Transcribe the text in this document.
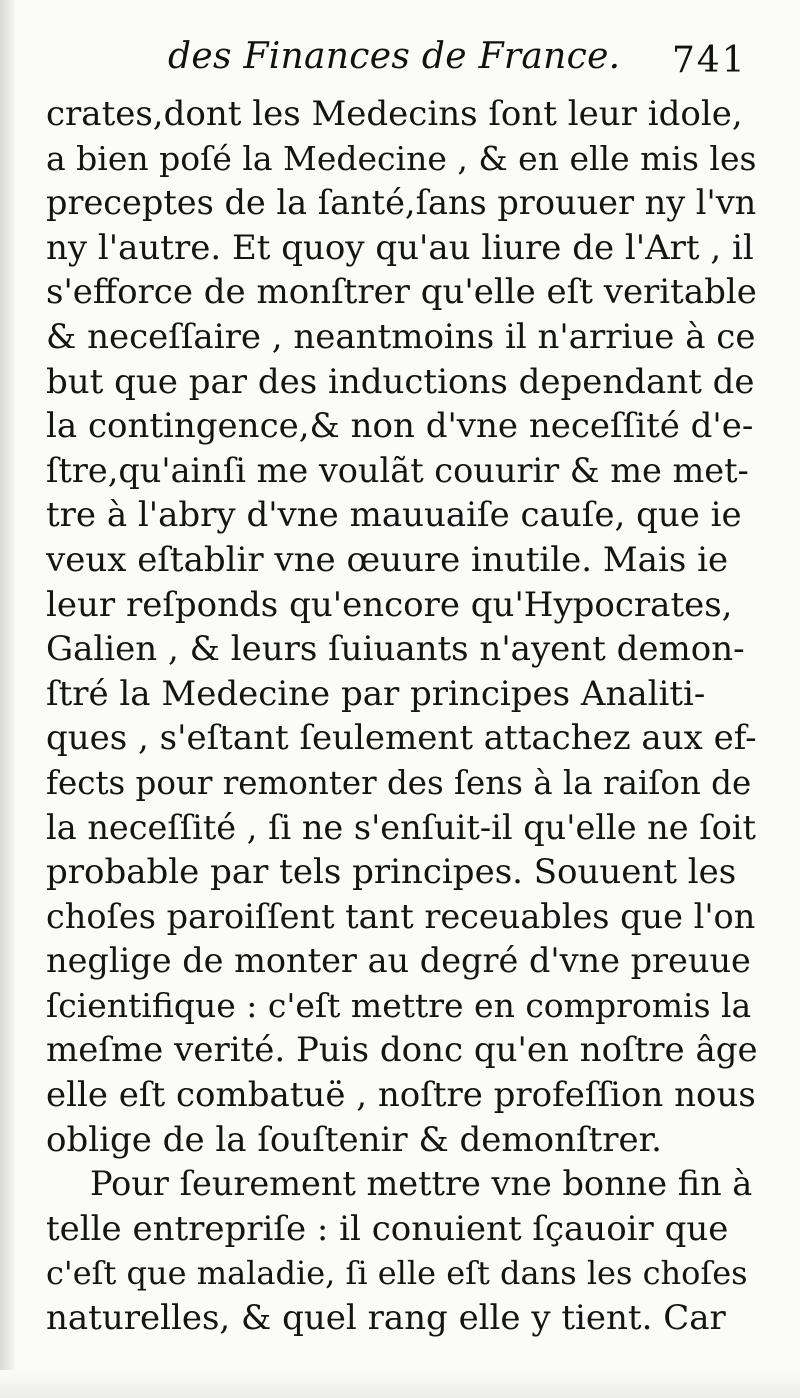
des Finances de France. 741
crates,dont les Medecins ſont leur idole,
a bien poſé la Medecine , & en elle mis les
preceptes de la ſanté,ſans prouuer ny l'vn
ny l'autre. Et quoy qu'au liure de l'Art , il
s'efforce de monſtrer qu'elle eſt veritable
& neceſſaire , neantmoins il n'arriue à ce
but que par des inductions dependant de
la contingence,& non d'vne neceſſité d'e-
ſtre,qu'ainſi me voulãt couurir & me met-
tre à l'abry d'vne mauuaiſe cauſe, que ie
veux eſtablir vne œuure inutile. Mais ie
leur reſponds qu'encore qu'Hypocrates,
Galien , & leurs ſuiuants n'ayent demon-
ſtré la Medecine par principes Analiti-
ques , s'eſtant ſeulement attachez aux ef-
fects pour remonter des ſens à la raiſon de
la neceſſité , ſi ne s'enſuit-il qu'elle ne ſoit
probable par tels principes. Souuent les
choſes paroiſſent tant receuables que l'on
neglige de monter au degré d'vne preuue
ſcientifique : c'eſt mettre en compromis la
meſme verité. Puis donc qu'en noſtre âge
elle eſt combatuë , noſtre profeſſion nous
oblige de la ſouſtenir & demonſtrer.
Pour ſeurement mettre vne bonne fin à
telle entrepriſe : il conuient ſçauoir que
c'eſt que maladie, ſi elle eſt dans les choſes
naturelles, & quel rang elle y tient. Car
